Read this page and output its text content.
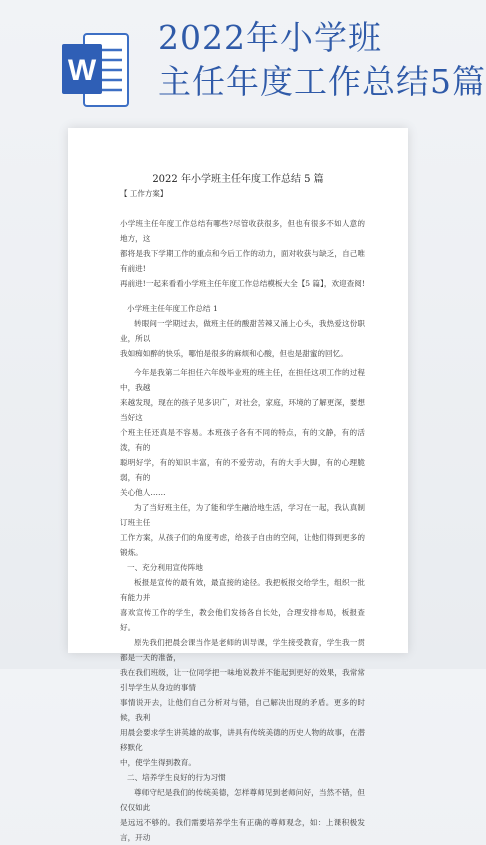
W
2022年小学班
主任年度工作总结5篇
2022 年小学班主任年度工作总结 5 篇
【 工作方案】

小学班主任年度工作总结有哪些?尽管收获很多，但也有很多不如人意的地方，这

都将是我下学期工作的重点和今后工作的动力，面对收获与缺乏，自己唯有前进!

再前进!一起来看看小学班主任年度工作总结模板大全【5 篇】，欢迎查阅!

小学班主任年度工作总结 1

转眼间一学期过去，做班主任的酸甜苦辣又涌上心头，我热爱这份职业，所以

我如痴如醉的快乐，哪怕是很多的麻烦和心酸，但也是甜蜜的回忆。

今年是我第二年担任六年级毕业班的班主任，在担任这项工作的过程中，我越

来越发现，现在的孩子见多识广，对社会，家庭，环境的了解更深，要想当好这

个班主任还真是不容易。本班孩子各有不同的特点，有的文静，有的活泼，有的

聪明好学，有的知识丰富，有的不爱劳动，有的大手大脚，有的心理脆弱，有的

关心他人……

为了当好班主任，为了能和学生融洽地生活，学习在一起，我认真制订班主任

工作方案，从孩子们的角度考虑，给孩子自由的空间，让他们得到更多的锻炼。

一、充分利用宣传阵地

板报是宣传的最有效，最直接的途径。我把板报交给学生，组织一批有能力并

喜欢宣传工作的学生，教会他们发扬各自长处，合理安排布局，板报查好。

原先我们把晨会课当作是老师的训导课，学生接受教育，学生我一贯都是一天的准备，

我在我们班级，让一位同学把一味地说教并不能起到更好的效果，我常常引导学生从身边的事情

事情说开去，让他们自己分析对与错，自己解决出现的矛盾。更多的时候，我利

用晨会要求学生讲英雄的故事，讲具有传统美德的历史人物的故事，在潜移默化

中，使学生得到教育。

二、培养学生良好的行为习惯

尊师守纪是我们的传统美德，怎样尊师见到老师问好，当然不错，但仅仅如此

是远远不够的。我们需要培养学生有正确的尊师观念，如：上课积极发言，开动
